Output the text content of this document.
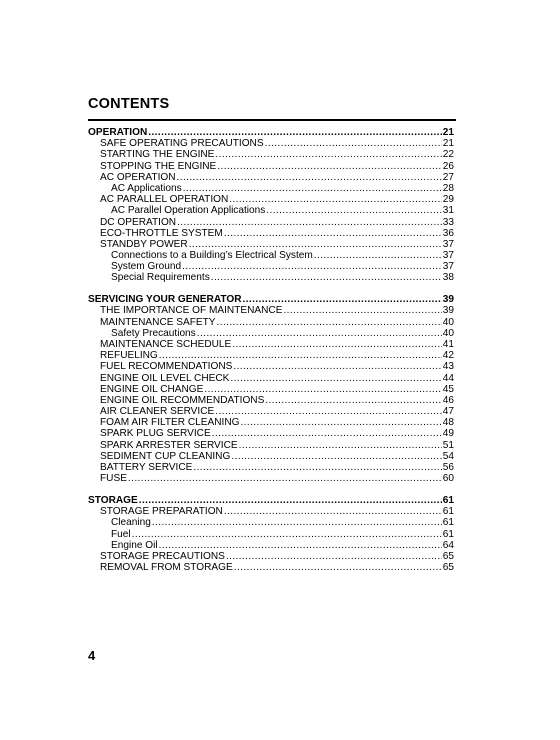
CONTENTS
OPERATION .....	21
SAFE OPERATING PRECAUTIONS .....	21
STARTING THE ENGINE .....	22
STOPPING THE ENGINE .....	26
AC OPERATION .....	27
AC Applications .....	28
AC PARALLEL OPERATION .....	29
AC Parallel Operation Applications .....	31
DC OPERATION .....	33
ECO-THROTTLE SYSTEM .....	36
STANDBY POWER .....	37
Connections to a Building’s Electrical System .....	37
System Ground .....	37
Special Requirements .....	38
SERVICING YOUR GENERATOR .....	39
THE IMPORTANCE OF MAINTENANCE .....	39
MAINTENANCE SAFETY .....	40
Safety Precautions .....	40
MAINTENANCE SCHEDULE .....	41
REFUELING .....	42
FUEL RECOMMENDATIONS .....	43
ENGINE OIL LEVEL CHECK .....	44
ENGINE OIL CHANGE .....	45
ENGINE OIL RECOMMENDATIONS .....	46
AIR CLEANER SERVICE .....	47
FOAM AIR FILTER CLEANING .....	48
SPARK PLUG SERVICE .....	49
SPARK ARRESTER SERVICE .....	51
SEDIMENT CUP CLEANING .....	54
BATTERY SERVICE .....	56
FUSE .....	60
STORAGE .....	61
STORAGE PREPARATION .....	61
Cleaning .....	61
Fuel .....	61
Engine Oil .....	64
STORAGE PRECAUTIONS .....	65
REMOVAL FROM STORAGE .....	65
4
